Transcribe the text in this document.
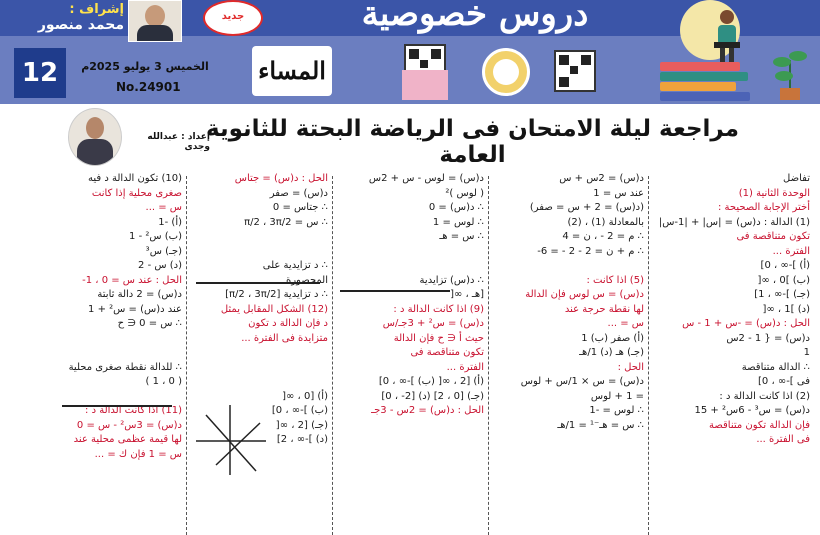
إشراف :
محمد منصور
جديد	دروس خصوصية
12	الخميس 3 يوليو 2025م
No.24901
المساء
إعداد : عبدالله وجدى
مراجعة ليلة الامتحان فى الرياضة البحتة للثانوية العامة

تفاضل

الوحدة الثانية (1)

أختر الإجابة الصحيحة :

(1) الدالة : د(س) = |س| + |1-س|

تكون متناقصة فى

الفترة ...

(أ) ]-∞ ، 0]

(ب) ]0 ، ∞[

(جـ) ]-∞ ، 1]

(د) ]1 ، ∞[

الحل : د(س) = -س + 1 - س

د(س) = { 1 - 2س

1

∴ الدالة متناقصة

فى ]-∞ ، 0]

(2) اذا كانت الدالة د :

د(س) = س³ - 6س² + 15

فإن الدالة تكون متناقصة

فى الفترة ...

د(س) = 2س + س

عند س = 1

(د(س) = 2 + س = صفر)

بالمعادلة (1) ، (2)

∴ م = 2 - ، ن = 4

∴ م + ن = 2 - 2 - = 6-

(5) اذا كانت :

د(س) = س لوس فإن الدالة

لها نقطة حرجة عند

س = ...

(أ) صفر (ب) 1

(جـ) هـ (د) 1/هـ

الحل :

د(س) = س × 1/س + لوس

= 1 + لوس

∴ لوس = -1

∴ س = هـ⁻¹ = 1/هـ

د(س) = لوس - س + 2س

( لوس )²

∴ د(س) = 0

∴ لوس = 1

∴ س = هـ

∴ د(س) تزايدية

[هـ ، ∞[

(9) اذا كانت الدالة د :

د(س) = س² + 3جـ/س

حيث أ ∈ ح فإن الدالة

تكون متناقصة فى

الفترة ...

(أ) [2 ، ∞[ (ب) ]-∞ ، 0]

(جـ) [0 ، 2] (د) [2- ، 0]

الحل : د(س) = 2س - 3جـ

الحل : د(س) = جتاس

د(س) = صفر

∴ جتاس = 0

∴ س = π/2 ، 3π/2

∴ د تزايدية على

المحصورة

∴ د تزايدية [π/2 ، 3π/2]

(12) الشكل المقابل يمثل

د فإن الدالة د تكون

متزايدة فى الفترة ...

(أ) [0 ، ∞[

(ب) ]-∞ ، 0]

(جـ) [2 ، ∞[

(د) ]-∞ ، 2]

(10) تكون الدالة د فيه

صغرى محلية إذا كانت

س = ...

(أ) -1

(ب) س² - 1

(جـ) س³

(د) س - 2

الحل : عند س = 0 ، 1-

د(س) = 2 دالة ثابتة

عند د(س) = س² + 1

∴ س = 0 ∈ ح

∴ للدالة نقطة صغرى محلية

( 0 ، 1 )

(11) اذا كانت الدالة د :

د(س) = 3س² - س = 0

لها قيمة عظمى محلية عند

س = 1 فإن ك = ...
